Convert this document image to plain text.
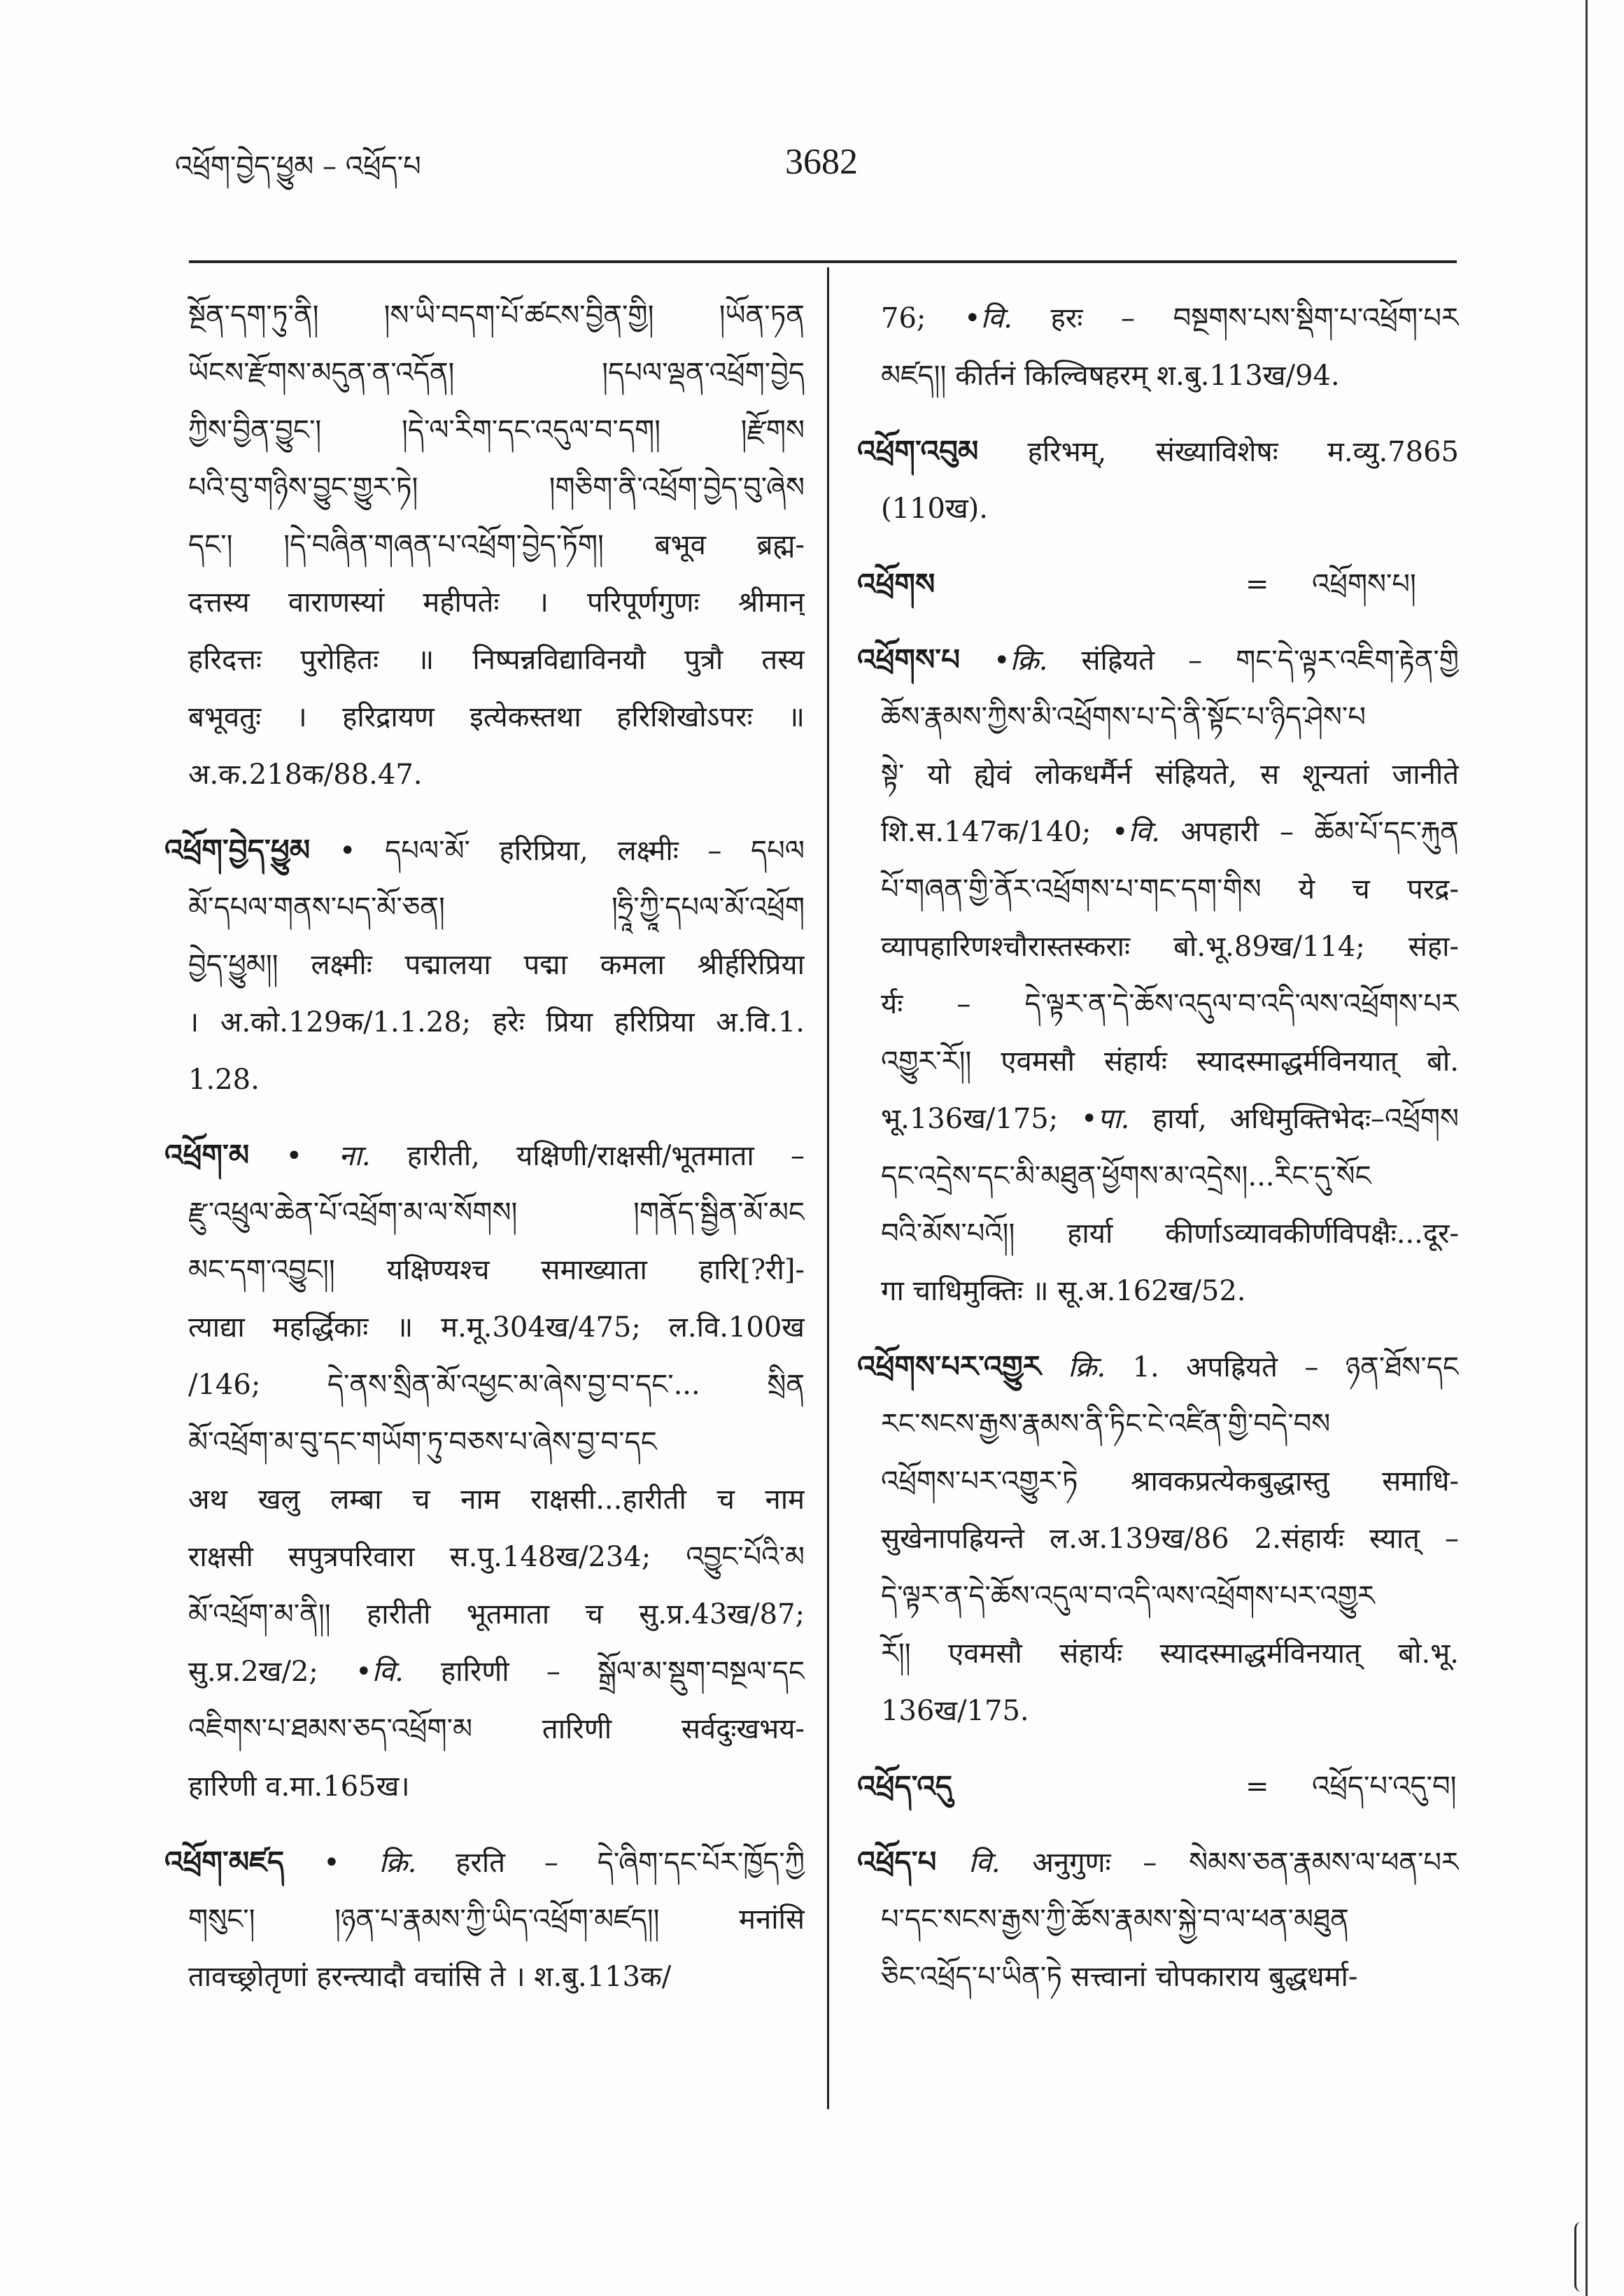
འཕྲོག་བྱེད་ཕྱུམ – འཕྲོད་པ	3682
སྔོན་དག་ཏུ་ནི། །ས་ཡི་བདག་པོ་ཚངས་བྱིན་གྱི། །ཡོན་ཏན
ཡོངས་རྫོགས་མདུན་ན་འདོན། །དཔལ་ལྡན་འཕྲོག་བྱེད
ཀྱིས་བྱིན་བྱུང་། །དེ་ལ་རིག་དང་འདུལ་བ་དག། །རྫོགས
པའི་བུ་གཉིས་བྱུང་གྱུར་ཏེ། །གཅིག་ནི་འཕྲོག་བྱེད་བུ་ཞེས
དང་། །དེ་བཞིན་གཞན་པ་འཕྲོག་བྱེད་ཏོག། बभूव ब्रह्म-
दत्तस्य वाराणस्यां महीपतेः । परिपूर्णगुणः श्रीमान्
हरिदत्तः पुरोहितः ॥ निष्पन्नविद्याविनयौ पुत्रौ तस्य
बभूवतुः । हरिद्रायण इत्येकस्तथा हरिशिखोऽपरः ॥
अ.क.218क/88.47.
འཕྲོག་བྱེད་ཕྱུམ • དཔལ་མོ་ हरिप्रिया, लक्ष्मीः – དཔལ
མོ་དཔལ་གནས་པད་མོ་ཅན། །ཧྲཱི་ཀྱཱི་དཔལ་མོ་འཕྲོག
བྱེད་ཕྱུམ།། लक्ष्मीः पद्मालया पद्मा कमला श्रीर्हरिप्रिया
। अ.को.129क/1.1.28; हरेः प्रिया हरिप्रिया अ.वि.1.
1.28.
འཕྲོག་མ • ना. हारीती, यक्षिणी/राक्षसी/भूतमाता –
རྫུ་འཕྲུལ་ཆེན་པོ་འཕྲོག་མ་ལ་སོགས། །གནོད་སྦྱིན་མོ་མང
མང་དག་འབྱུང།། यक्षिण्यश्च समाख्याता हारि[?री]-
त्याद्या महर्द्धिकाः ॥ म.मू.304ख/475; ल.वि.100ख
/146; དེ་ནས་སྲིན་མོ་འཕྱང་མ་ཞེས་བྱ་བ་དང་... སྲིན
མོ་འཕྲོག་མ་བུ་དང་གཡོག་ཏུ་བཅས་པ་ཞེས་བྱ་བ་དང
अथ खलु लम्बा च नाम राक्षसी...हारीती च नाम
राक्षसी सपुत्रपरिवारा स.पु.148ख/234; འབྱུང་པོའི་མ
མོ་འཕྲོག་མ་ནི།། हारीती भूतमाता च सु.प्र.43ख/87;
सु.प्र.2ख/2; •वि. हारिणी – སྒྲོལ་མ་སྡུག་བསྔལ་དང
འཇིགས་པ་ཐམས་ཅད་འཕྲོག་མ तारिणी सर्वदुःखभय-
हारिणी व.मा.165ख।
འཕྲོག་མཛད • क्रि. हरति – དེ་ཞིག་དང་པོར་ཁྱོད་ཀྱི
གསུང་། །ཉན་པ་རྣམས་ཀྱི་ཡིད་འཕྲོག་མཛད།། मनांसि
तावच्छ्रोतृणां हरन्त्यादौ वचांसि ते । श.बु.113क/
76; •वि. हरः – བསྔགས་པས་སྡིག་པ་འཕྲོག་པར
མཛད།། कीर्तनं किल्विषहरम् श.बु.113ख/94.
འཕྲོག་འབུམ हरिभम्, संख्याविशेषः म.व्यु.7865
(110ख).
འཕྲོགས	=	འཕྲོགས་པ།
འཕྲོགས་པ •क्रि. संह्रियते – གང་དེ་ལྟར་འཇིག་རྟེན་གྱི
ཆོས་རྣམས་ཀྱིས་མི་འཕྲོགས་པ་དེ་ནི་སྟོང་པ་ཉིད་ཤེས་པ
སྟེ་ यो ह्येवं लोकधर्मैर्न संह्रियते, स शून्यतां जानीते
शि.स.147क/140; •वि. अपहारी – ཆོམ་པོ་དང་རྐུན
པོ་གཞན་གྱི་ནོར་འཕྲོགས་པ་གང་དག་གིས ये च परद्र-
व्यापहारिणश्चौरास्तस्कराः बो.भू.89ख/114; संहा-
र्यः – དེ་ལྟར་ན་དེ་ཆོས་འདུལ་བ་འདི་ལས་འཕྲོགས་པར
འགྱུར་རོ།། एवमसौ संहार्यः स्यादस्माद्धर्मविनयात् बो.
भू.136ख/175; •पा. हार्या, अधिमुक्तिभेदः–འཕྲོགས
དང་འདྲེས་དང་མི་མཐུན་ཕྱོགས་མ་འདྲེས།...རིང་དུ་སོང
བའི་མོས་པའོ།། हार्या कीर्णाऽव्यावकीर्णविपक्षैः...दूर-
गा चाधिमुक्तिः ॥ सू.अ.162ख/52.
འཕྲོགས་པར་འགྱུར क्रि. 1. अपह्रियते – ཉན་ཐོས་དང
རང་སངས་རྒྱས་རྣམས་ནི་ཏིང་ངེ་འཛིན་གྱི་བདེ་བས
འཕྲོགས་པར་འགྱུར་ཏེ श्रावकप्रत्येकबुद्धास्तु समाधि-
सुखेनापह्रियन्ते ल.अ.139ख/86 2.संहार्यः स्यात् –
དེ་ལྟར་ན་དེ་ཆོས་འདུལ་བ་འདི་ལས་འཕྲོགས་པར་འགྱུར
རོ།། एवमसौ संहार्यः स्यादस्माद्धर्मविनयात् बो.भू.
136ख/175.
འཕྲོད་འདུ	=	འཕྲོད་པ་འདུ་བ།
འཕྲོད་པ वि. अनुगुणः – སེམས་ཅན་རྣམས་ལ་ཕན་པར
པ་དང་སངས་རྒྱས་ཀྱི་ཆོས་རྣམས་སྐྱེ་བ་ལ་ཕན་མཐུན
ཅིང་འཕྲོད་པ་ཡིན་ཏེ सत्त्वानां चोपकाराय बुद्धधर्मा-
